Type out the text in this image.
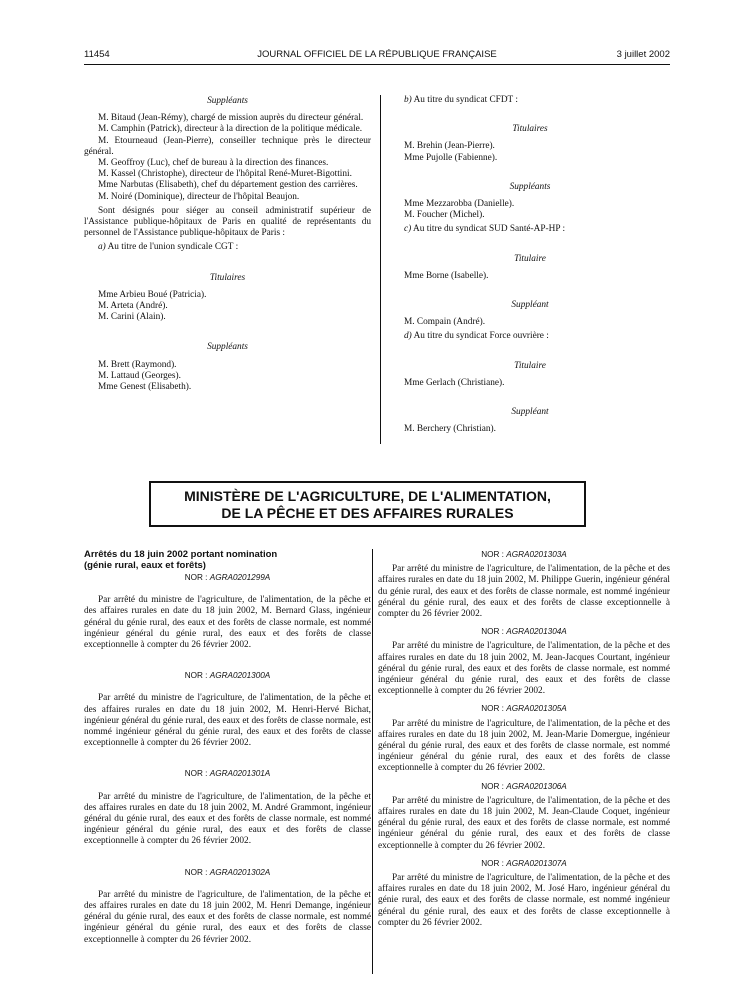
11454	JOURNAL OFFICIEL DE LA RÉPUBLIQUE FRANÇAISE	3 juillet 2002

Suppléants

M. Bitaud (Jean-Rémy), chargé de mission auprès du directeur général.

M. Camphin (Patrick), directeur à la direction de la politique médicale.

M. Etourneaud (Jean-Pierre), conseiller technique près le directeur général.

M. Geoffroy (Luc), chef de bureau à la direction des finances.

M. Kassel (Christophe), directeur de l'hôpital René-Muret-Bigottini.

Mme Narbutas (Elisabeth), chef du département gestion des carrières.

M. Noiré (Dominique), directeur de l'hôpital Beaujon.

Sont désignés pour siéger au conseil administratif supérieur de l'Assistance publique-hôpitaux de Paris en qualité de représentants du personnel de l'Assistance publique-hôpitaux de Paris :

a) Au titre de l'union syndicale CGT :

Titulaires

Mme Arbieu Boué (Patricia).

M. Arteta (André).

M. Carini (Alain).

Suppléants

M. Brett (Raymond).

M. Lattaud (Georges).

Mme Genest (Elisabeth).

b) Au titre du syndicat CFDT :

Titulaires

M. Brehin (Jean-Pierre).

Mme Pujolle (Fabienne).

Suppléants

Mme Mezzarobba (Danielle).

M. Foucher (Michel).

c) Au titre du syndicat SUD Santé-AP-HP :

Titulaire

Mme Borne (Isabelle).

Suppléant

M. Compain (André).

d) Au titre du syndicat Force ouvrière :

Titulaire

Mme Gerlach (Christiane).

Suppléant

M. Berchery (Christian).

MINISTÈRE DE L'AGRICULTURE, DE L'ALIMENTATION,
DE LA PÊCHE ET DES AFFAIRES RURALES

Arrêtés du 18 juin 2002 portant nomination

(génie rural, eaux et forêts)

NOR : AGRA0201299A

Par arrêté du ministre de l'agriculture, de l'alimentation, de la pêche et des affaires rurales en date du 18 juin 2002, M. Bernard Glass, ingénieur général du génie rural, des eaux et des forêts de classe normale, est nommé ingénieur général du génie rural, des eaux et des forêts de classe exceptionnelle à compter du 26 février 2002.

NOR : AGRA0201300A

Par arrêté du ministre de l'agriculture, de l'alimentation, de la pêche et des affaires rurales en date du 18 juin 2002, M. Henri-Hervé Bichat, ingénieur général du génie rural, des eaux et des forêts de classe normale, est nommé ingénieur général du génie rural, des eaux et des forêts de classe exceptionnelle à compter du 26 février 2002.

NOR : AGRA0201301A

Par arrêté du ministre de l'agriculture, de l'alimentation, de la pêche et des affaires rurales en date du 18 juin 2002, M. André Grammont, ingénieur général du génie rural, des eaux et des forêts de classe normale, est nommé ingénieur général du génie rural, des eaux et des forêts de classe exceptionnelle à compter du 26 février 2002.

NOR : AGRA0201302A

Par arrêté du ministre de l'agriculture, de l'alimentation, de la pêche et des affaires rurales en date du 18 juin 2002, M. Henri Demange, ingénieur général du génie rural, des eaux et des forêts de classe normale, est nommé ingénieur général du génie rural, des eaux et des forêts de classe exceptionnelle à compter du 26 février 2002.

NOR : AGRA0201303A

Par arrêté du ministre de l'agriculture, de l'alimentation, de la pêche et des affaires rurales en date du 18 juin 2002, M. Philippe Guerin, ingénieur général du génie rural, des eaux et des forêts de classe normale, est nommé ingénieur général du génie rural, des eaux et des forêts de classe exceptionnelle à compter du 26 février 2002.

NOR : AGRA0201304A

Par arrêté du ministre de l'agriculture, de l'alimentation, de la pêche et des affaires rurales en date du 18 juin 2002, M. Jean-Jacques Courtant, ingénieur général du génie rural, des eaux et des forêts de classe normale, est nommé ingénieur général du génie rural, des eaux et des forêts de classe exceptionnelle à compter du 26 février 2002.

NOR : AGRA0201305A

Par arrêté du ministre de l'agriculture, de l'alimentation, de la pêche et des affaires rurales en date du 18 juin 2002, M. Jean-Marie Domergue, ingénieur général du génie rural, des eaux et des forêts de classe normale, est nommé ingénieur général du génie rural, des eaux et des forêts de classe exceptionnelle à compter du 26 février 2002.

NOR : AGRA0201306A

Par arrêté du ministre de l'agriculture, de l'alimentation, de la pêche et des affaires rurales en date du 18 juin 2002, M. Jean-Claude Coquet, ingénieur général du génie rural, des eaux et des forêts de classe normale, est nommé ingénieur général du génie rural, des eaux et des forêts de classe exceptionnelle à compter du 26 février 2002.

NOR : AGRA0201307A

Par arrêté du ministre de l'agriculture, de l'alimentation, de la pêche et des affaires rurales en date du 18 juin 2002, M. José Haro, ingénieur général du génie rural, des eaux et des forêts de classe normale, est nommé ingénieur général du génie rural, des eaux et des forêts de classe exceptionnelle à compter du 26 février 2002.
